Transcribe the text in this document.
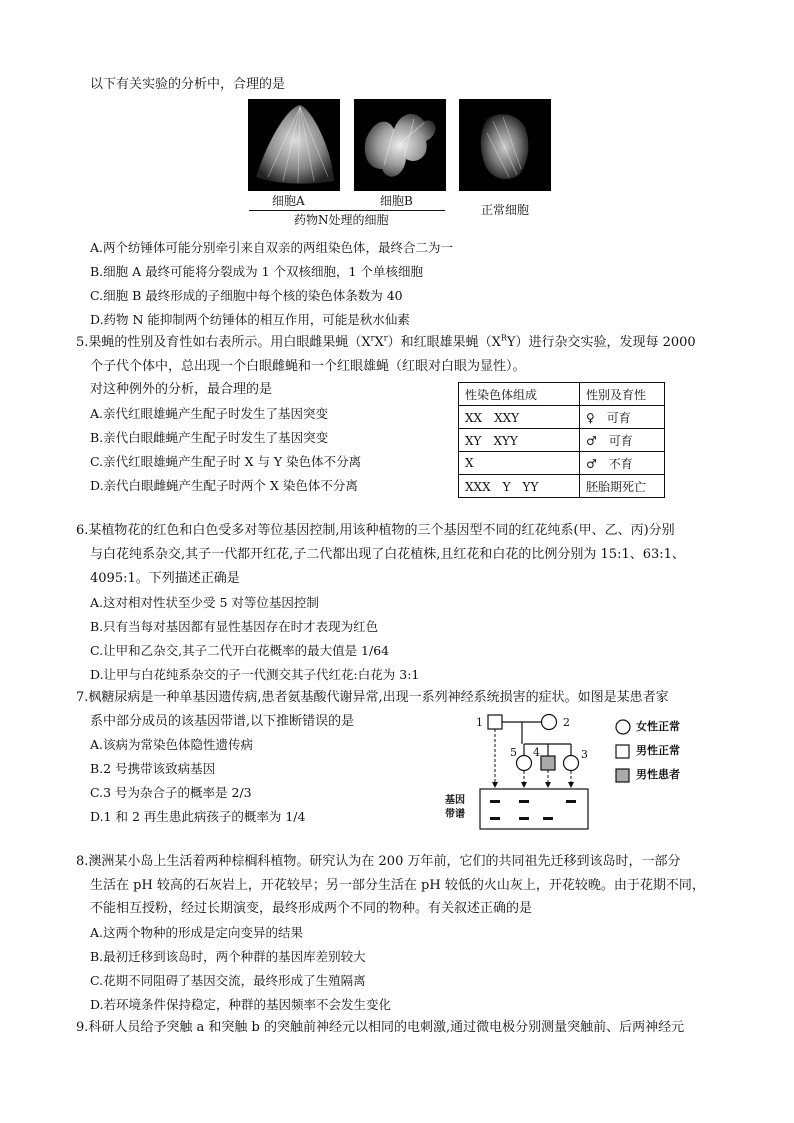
以下有关实验的分析中，合理的是
细胞A	细胞B
药物N处理的细胞
正常细胞
A.两个纺锤体可能分别牵引来自双亲的两组染色体，最终合二为一
B.细胞 A 最终可能将分裂成为 1 个双核细胞，1 个单核细胞
C.细胞 B 最终形成的子细胞中每个核的染色体条数为 40
D.药物 N 能抑制两个纺锤体的相互作用，可能是秋水仙素
5.果蝇的性别及育性如右表所示。用白眼雌果蝇$(X^rX^r)$和红眼雄果蝇$(X^RY)$进行杂交实验，发现每 2000
个子代个体中，总出现一个白眼雌蝇和一个红眼雄蝇（红眼对白眼为显性）。
对这种例外的分析，最合理的是
A.亲代红眼雄蝇产生配子时发生了基因突变
B.亲代白眼雌蝇产生配子时发生了基因突变
C.亲代红眼雄蝇产生配子时 X 与 Y 染色体不分离
D.亲代白眼雌蝇产生配子时两个 X 染色体不分离
性染色体组成	性别及育性
XX　XXY	♀　可育
XY　XYY	♂　可育
X	♂　不育
XXX　Y　YY	胚胎期死亡
6.某植物花的红色和白色受多对等位基因控制,用该种植物的三个基因型不同的红花纯系(甲、乙、丙)分别
与白花纯系杂交,其子一代都开红花,子二代都出现了白花植株,且红花和白花的比例分别为 15:1、63:1、
4095:1。下列描述正确是
A.这对相对性状至少受 5 对等位基因控制
B.只有当每对基因都有显性基因存在时才表现为红色
C.让甲和乙杂交,其子二代开白花概率的最大值是 1/64
D.让甲与白花纯系杂交的子一代测交其子代红花:白花为 3:1
7.枫糖尿病是一种单基因遗传病,患者氨基酸代谢异常,出现一系列神经系统损害的症状。如图是某患者家
系中部分成员的该基因带谱,以下推断错误的是
A.该病为常染色体隐性遗传病
B.2 号携带该致病基因
C.3 号为杂合子的概率是 2/3
D.1 和 2 再生患此病孩子的概率为 1/4
1	2
5 4	3
基因
带谱
女性正常
男性正常
男性患者
8.澳洲某小岛上生活着两种棕榈科植物。研究认为在 200 万年前，它们的共同祖先迁移到该岛时，一部分
生活在 pH 较高的石灰岩上，开花较早；另一部分生活在 pH 较低的火山灰上，开花较晚。由于花期不同，
不能相互授粉，经过长期演变，最终形成两个不同的物种。有关叙述正确的是
A.这两个物种的形成是定向变异的结果
B.最初迁移到该岛时，两个种群的基因库差别较大
C.花期不同阻碍了基因交流，最终形成了生殖隔离
D.若环境条件保持稳定，种群的基因频率不会发生变化
9.科研人员给予突触 a 和突触 b 的突触前神经元以相同的电刺激,通过微电极分别测量突触前、后两神经元
